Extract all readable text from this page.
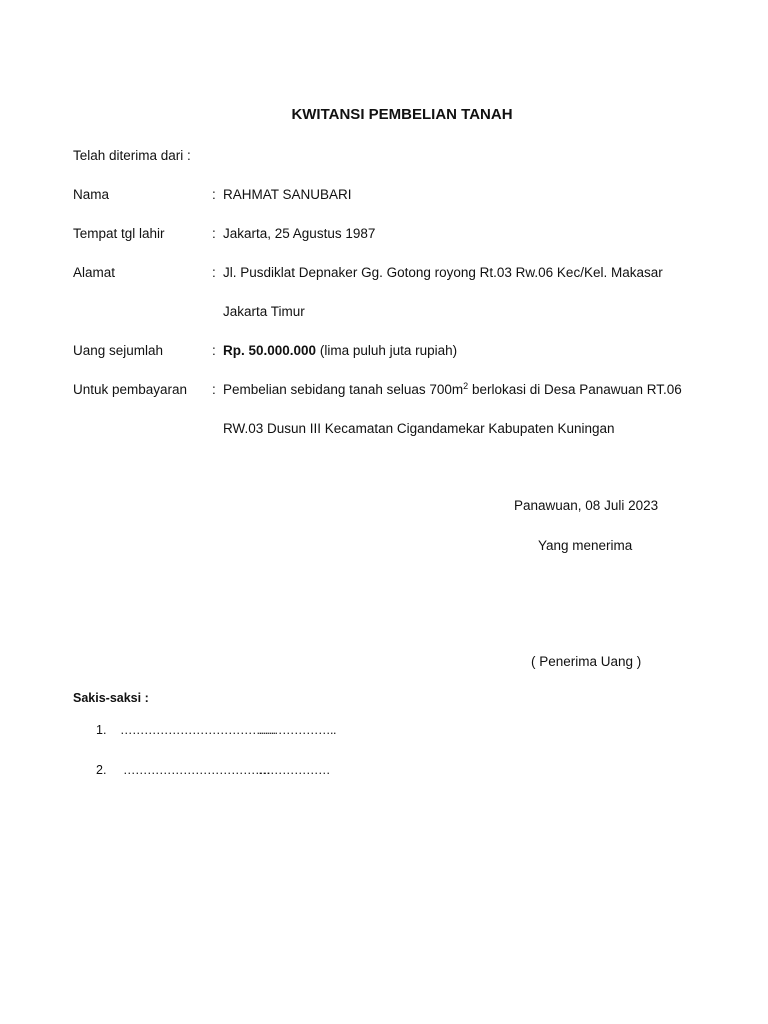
KWITANSI PEMBELIAN TANAH
Telah diterima dari :
Nama	: RAHMAT SANUBARI
Tempat tgl lahir	: Jakarta, 25 Agustus 1987
Alamat	: Jl. Pusdiklat Depnaker Gg. Gotong royong Rt.03 Rw.06 Kec/Kel. Makasar
Jakarta Timur
Uang sejumlah	: Rp. 50.000.000 (lima puluh juta rupiah)
Untuk pembayaran : Pembelian sebidang tanah seluas $700m^2$ berlokasi di Desa Panawuan RT.06
RW.03 Dusun III Kecamatan Cigandamekar Kabupaten Kuningan
Panawuan, 08 Juli 2023
Yang menerima
( Penerima Uang )
Sakis-saksi :
1. …………………………………
………………..
2. ……………………………….
………………
